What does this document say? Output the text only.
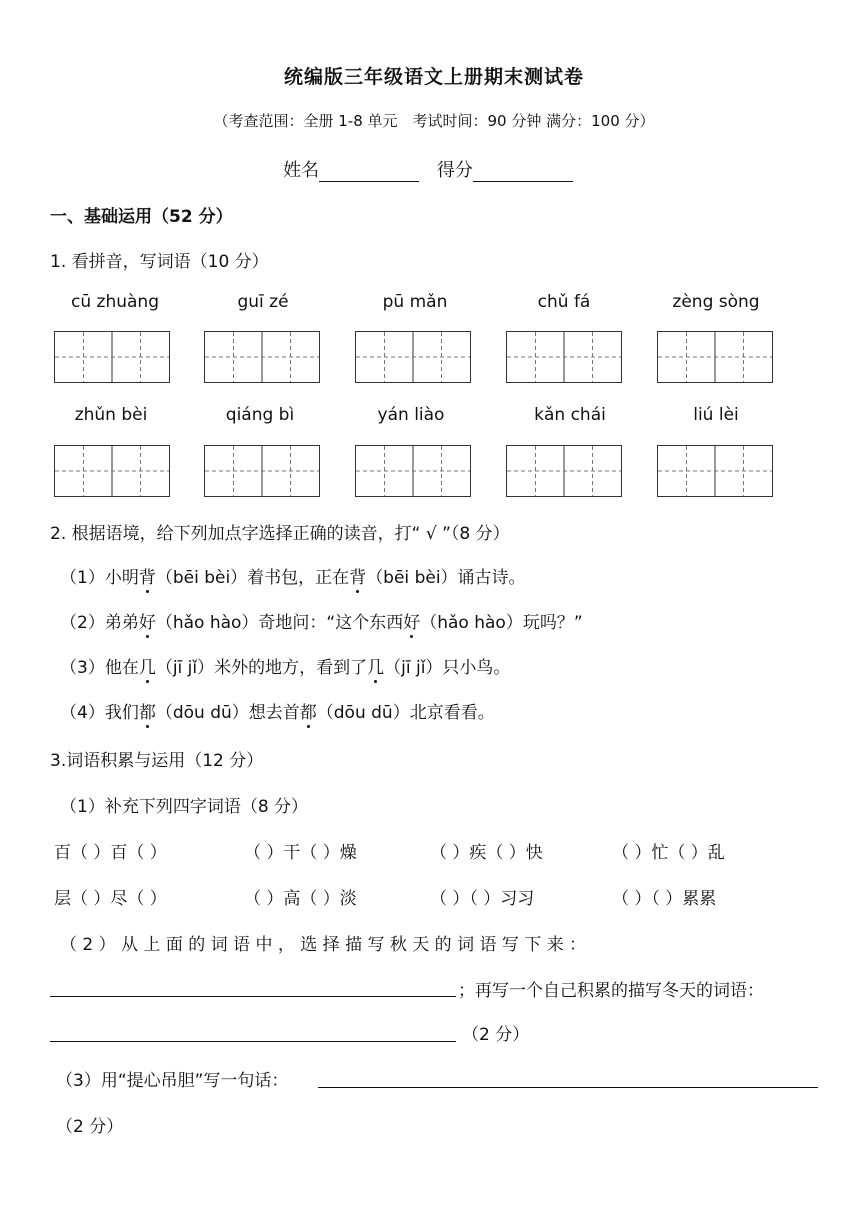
统编版三年级语文上册期末测试卷
（考查范围：全册 1-8 单元　考试时间：90 分钟 满分：100 分）
姓名	得分
一、基础运用（52 分）
1. 看拼音，写词语（10 分）
cū zhuàng	guī zé	pū mǎn	chǔ fá	zèng sòng
zhǔn bèi	qiáng bì	yán liào	kǎn chái	liú lèi
2. 根据语境，给下列加点字选择正确的读音，打“ √ ”（8 分）
（1）小明背（bēi bèi）着书包，正在背（bēi bèi）诵古诗。
（2）弟弟好（hǎo hào）奇地问：“这个东西好（hǎo hào）玩吗？”
（3）他在几（jī jǐ）米外的地方，看到了几（jī jǐ）只小鸟。
（4）我们都（dōu dū）想去首都（dōu dū）北京看看。
3.词语积累与运用（12 分）
（1）补充下列四字词语（8 分）
百（ ）百（ ）	（ ）干（ ）燥	（ ）疾（ ）快	（ ）忙（ ）乱
层（ ）尽（ ）	（ ）高（ ）淡	（ ）（ ）习习	（ ）（ ）累累
（ 2 ） 从 上 面 的 词 语 中 ， 选 择 描 写 秋 天 的 词 语 写 下 来 ：
；再写一个自己积累的描写冬天的词语：
（2 分）
（3）用“提心吊胆”写一句话：
（2 分）
